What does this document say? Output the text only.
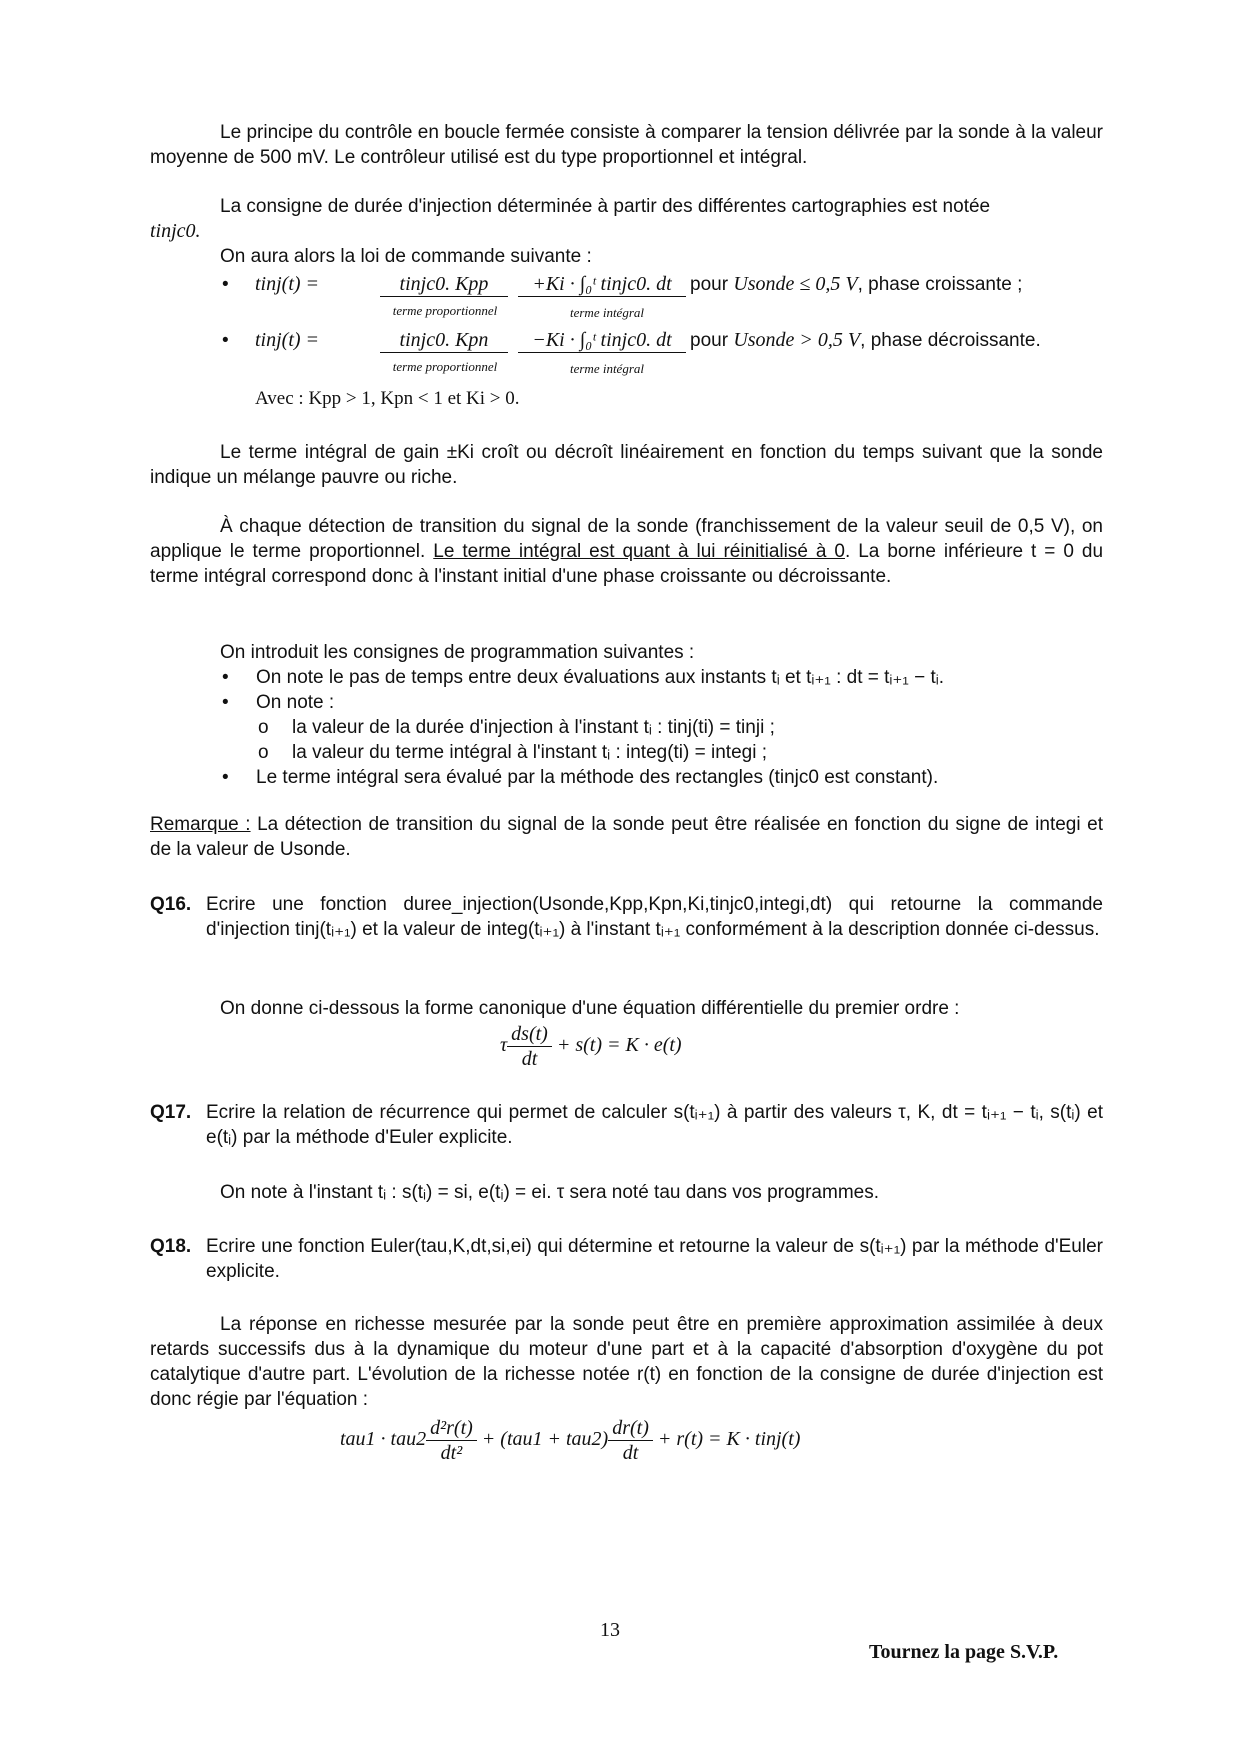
Le principe du contrôle en boucle fermée consiste à comparer la tension délivrée par la sonde à la valeur moyenne de 500 mV. Le contrôleur utilisé est du type proportionnel et intégral.

La consigne de durée d'injection déterminée à partir des différentes cartographies est notée

tinjc0.

On aura alors la loi de commande suivante :

• tinj(t) =	tinjc0. Kpp	+Ki · ∫₀ᵗ tinjc0. dt
terme proportionnel	terme intégral
pour Usonde ≤ 0,5 V, phase croissante ;
• tinj(t) =	tinjc0. Kpn	−Ki · ∫₀ᵗ tinjc0. dt
terme proportionnel	terme intégral
pour Usonde > 0,5 V, phase décroissante.

Avec : Kpp > 1, Kpn < 1 et Ki > 0.

Le terme intégral de gain ±Ki croît ou décroît linéairement en fonction du temps suivant que la sonde indique un mélange pauvre ou riche.

À chaque détection de transition du signal de la sonde (franchissement de la valeur seuil de 0,5 V), on applique le terme proportionnel. Le terme intégral est quant à lui réinitialisé à 0. La borne inférieure t = 0 du terme intégral correspond donc à l'instant initial d'une phase croissante ou décroissante.

On introduit les consignes de programmation suivantes :

• On note le pas de temps entre deux évaluations aux instants tᵢ et tᵢ₊₁ : dt = tᵢ₊₁ − tᵢ.
• On note :
o la valeur de la durée d'injection à l'instant tᵢ : tinj(ti) = tinji ;
o la valeur du terme intégral à l'instant tᵢ : integ(ti) = integi ;
• Le terme intégral sera évalué par la méthode des rectangles (tinjc0 est constant).

Remarque : La détection de transition du signal de la sonde peut être réalisée en fonction du signe de integi et de la valeur de Usonde.

Q16. Ecrire une fonction duree_injection(Usonde,Kpp,Kpn,Ki,tinjc0,integi,dt) qui retourne la commande d'injection tinj(tᵢ₊₁) et la valeur de integ(tᵢ₊₁) à l'instant tᵢ₊₁ conformément à la description donnée ci-dessus.

On donne ci-dessous la forme canonique d'une équation différentielle du premier ordre :

τ $\frac{ds(t)}{dt} + s(t) = K \cdot e(t)$
Q17. Ecrire la relation de récurrence qui permet de calculer s(tᵢ₊₁) à partir des valeurs τ, K, dt = tᵢ₊₁ − tᵢ, s(tᵢ) et e(tᵢ) par la méthode d'Euler explicite.

On note à l'instant tᵢ : s(tᵢ) = si, e(tᵢ) = ei. τ sera noté tau dans vos programmes.

Q18. Ecrire une fonction Euler(tau,K,dt,si,ei) qui détermine et retourne la valeur de s(tᵢ₊₁) par la méthode d'Euler explicite.

La réponse en richesse mesurée par la sonde peut être en première approximation assimilée à deux retards successifs dus à la dynamique du moteur d'une part et à la capacité d'absorption d'oxygène du pot catalytique d'autre part. L'évolution de la richesse notée r(t) en fonction de la consigne de durée d'injection est donc régie par l'équation :

$tau1 \cdot tau2 \frac{\text{d²r(t)}}{\text{dt²}} + (tau1 + tau2) \frac{dr(t)}{dt} + r(t) = K$ · tinj(t)
13
Tournez la page S.V.P.
